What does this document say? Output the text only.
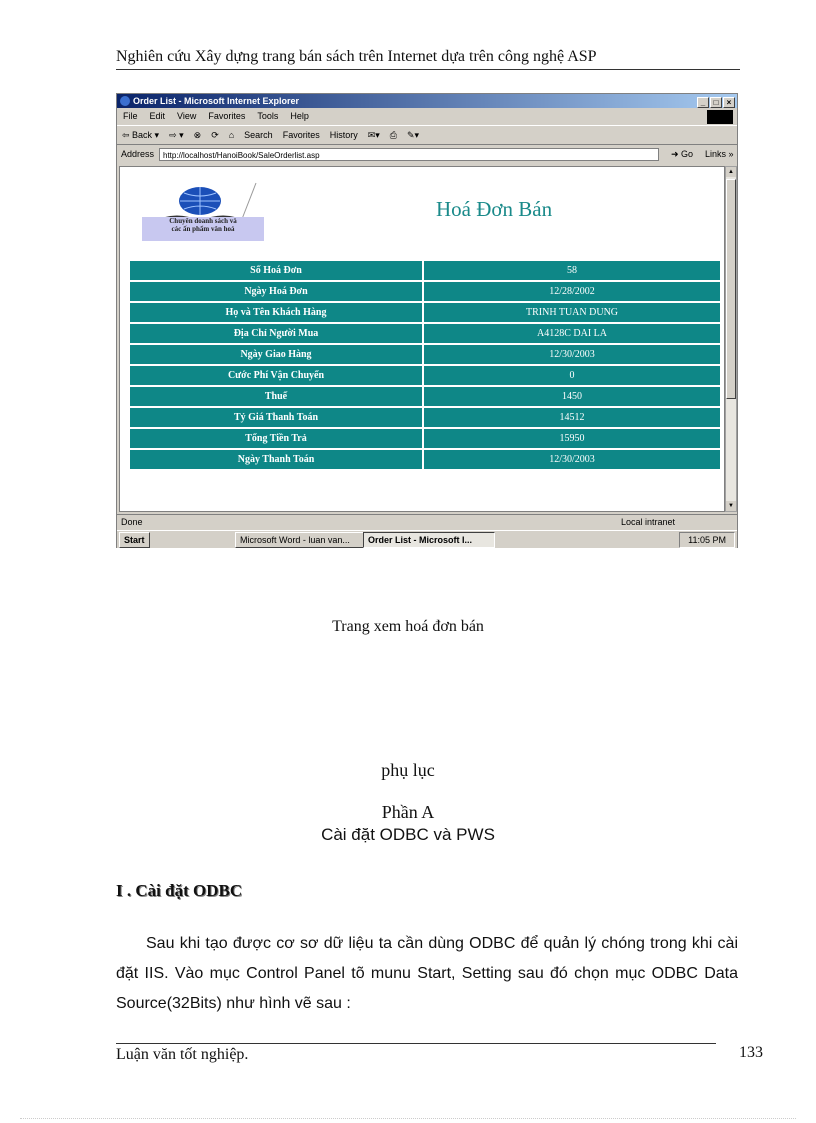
Nghiên cứu Xây dựng trang bán sách trên Internet dựa trên công nghệ ASP
Order List - Microsoft Internet Explorer	_ □ ×
File Edit View Favorites Tools Help
⇦ Back ▾ ⇨ ▾ ⊗ ⟳ ⌂ Search Favorites History ✉▾ ⎙ ✎▾
Address	http://localhost/HanoiBook/SaleOrderlist.asp	➜ Go Links »
Chuyên doanh sách và
các ấn phẩm văn hoá
Hoá Đơn Bán
Số Hoá Đơn	58
Ngày Hoá Đơn	12/28/2002
Họ và Tên Khách Hàng	TRINH TUAN DUNG
Địa Chỉ Người Mua	A4128C DAI LA
Ngày Giao Hàng	12/30/2003
Cước Phí Vận Chuyển	0
Thuế	1450
Tỷ Giá Thanh Toán	14512
Tổng Tiền Trả	15950
Ngày Thanh Toán	12/30/2003
▲
▼
Done	Local intranet
Start	Microsoft Word - luan van...	Order List - Microsoft I...	11:05 PM
Trang xem hoá đơn bán
phụ lục
Phần A
Cài đặt ODBC và PWS
I . Cài đặt ODBC
Sau khi tạo được cơ sơ dữ liệu ta cần dùng ODBC để quản lý chóng trong khi cài đặt IIS. Vào mục Control Panel tõ munu Start, Setting sau đó chọn mục ODBC Data Source(32Bits) như hình vẽ sau :
Luận văn tốt nghiệp.	133
